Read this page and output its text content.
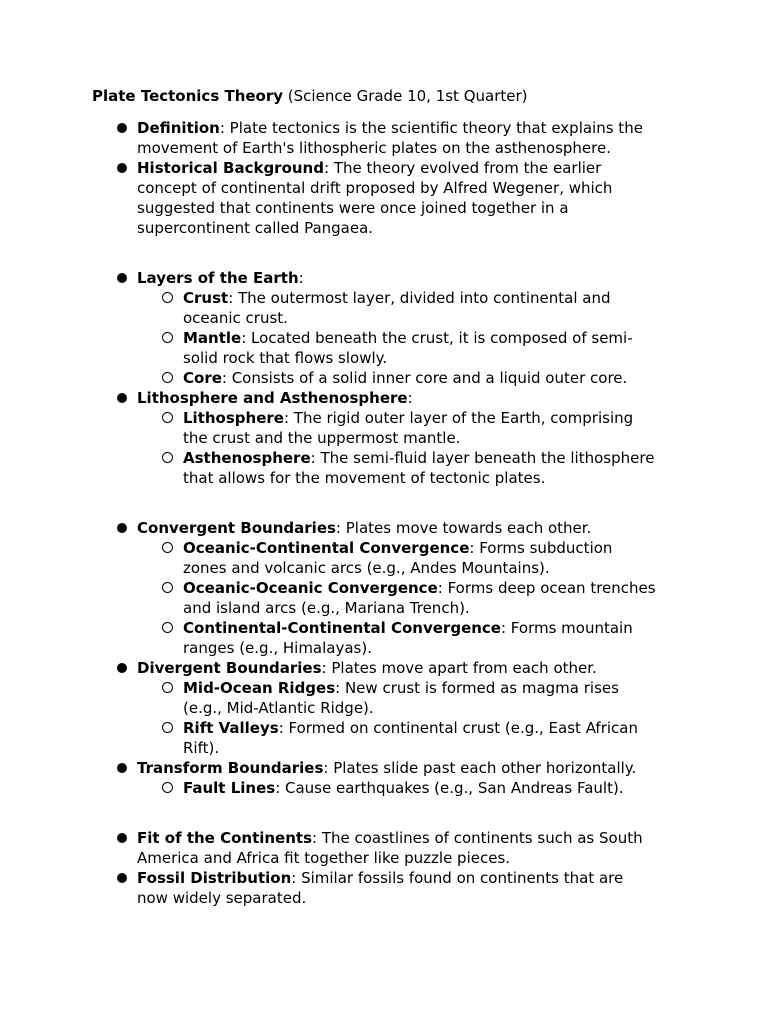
Plate Tectonics Theory (Science Grade 10, 1st Quarter)
Definition: Plate tectonics is the scientific theory that explains the
movement of Earth's lithospheric plates on the asthenosphere.
Historical Background: The theory evolved from the earlier
concept of continental drift proposed by Alfred Wegener, which
suggested that continents were once joined together in a
supercontinent called Pangaea.
Layers of the Earth:
Crust: The outermost layer, divided into continental and
oceanic crust.
Mantle: Located beneath the crust, it is composed of semi-
solid rock that flows slowly.
Core: Consists of a solid inner core and a liquid outer core.
Lithosphere and Asthenosphere:
Lithosphere: The rigid outer layer of the Earth, comprising
the crust and the uppermost mantle.
Asthenosphere: The semi-fluid layer beneath the lithosphere
that allows for the movement of tectonic plates.
Convergent Boundaries: Plates move towards each other.
Oceanic-Continental Convergence: Forms subduction
zones and volcanic arcs (e.g., Andes Mountains).
Oceanic-Oceanic Convergence: Forms deep ocean trenches
and island arcs (e.g., Mariana Trench).
Continental-Continental Convergence: Forms mountain
ranges (e.g., Himalayas).
Divergent Boundaries: Plates move apart from each other.
Mid-Ocean Ridges: New crust is formed as magma rises
(e.g., Mid-Atlantic Ridge).
Rift Valleys: Formed on continental crust (e.g., East African
Rift).
Transform Boundaries: Plates slide past each other horizontally.
Fault Lines: Cause earthquakes (e.g., San Andreas Fault).
Fit of the Continents: The coastlines of continents such as South
America and Africa fit together like puzzle pieces.
Fossil Distribution: Similar fossils found on continents that are
now widely separated.
